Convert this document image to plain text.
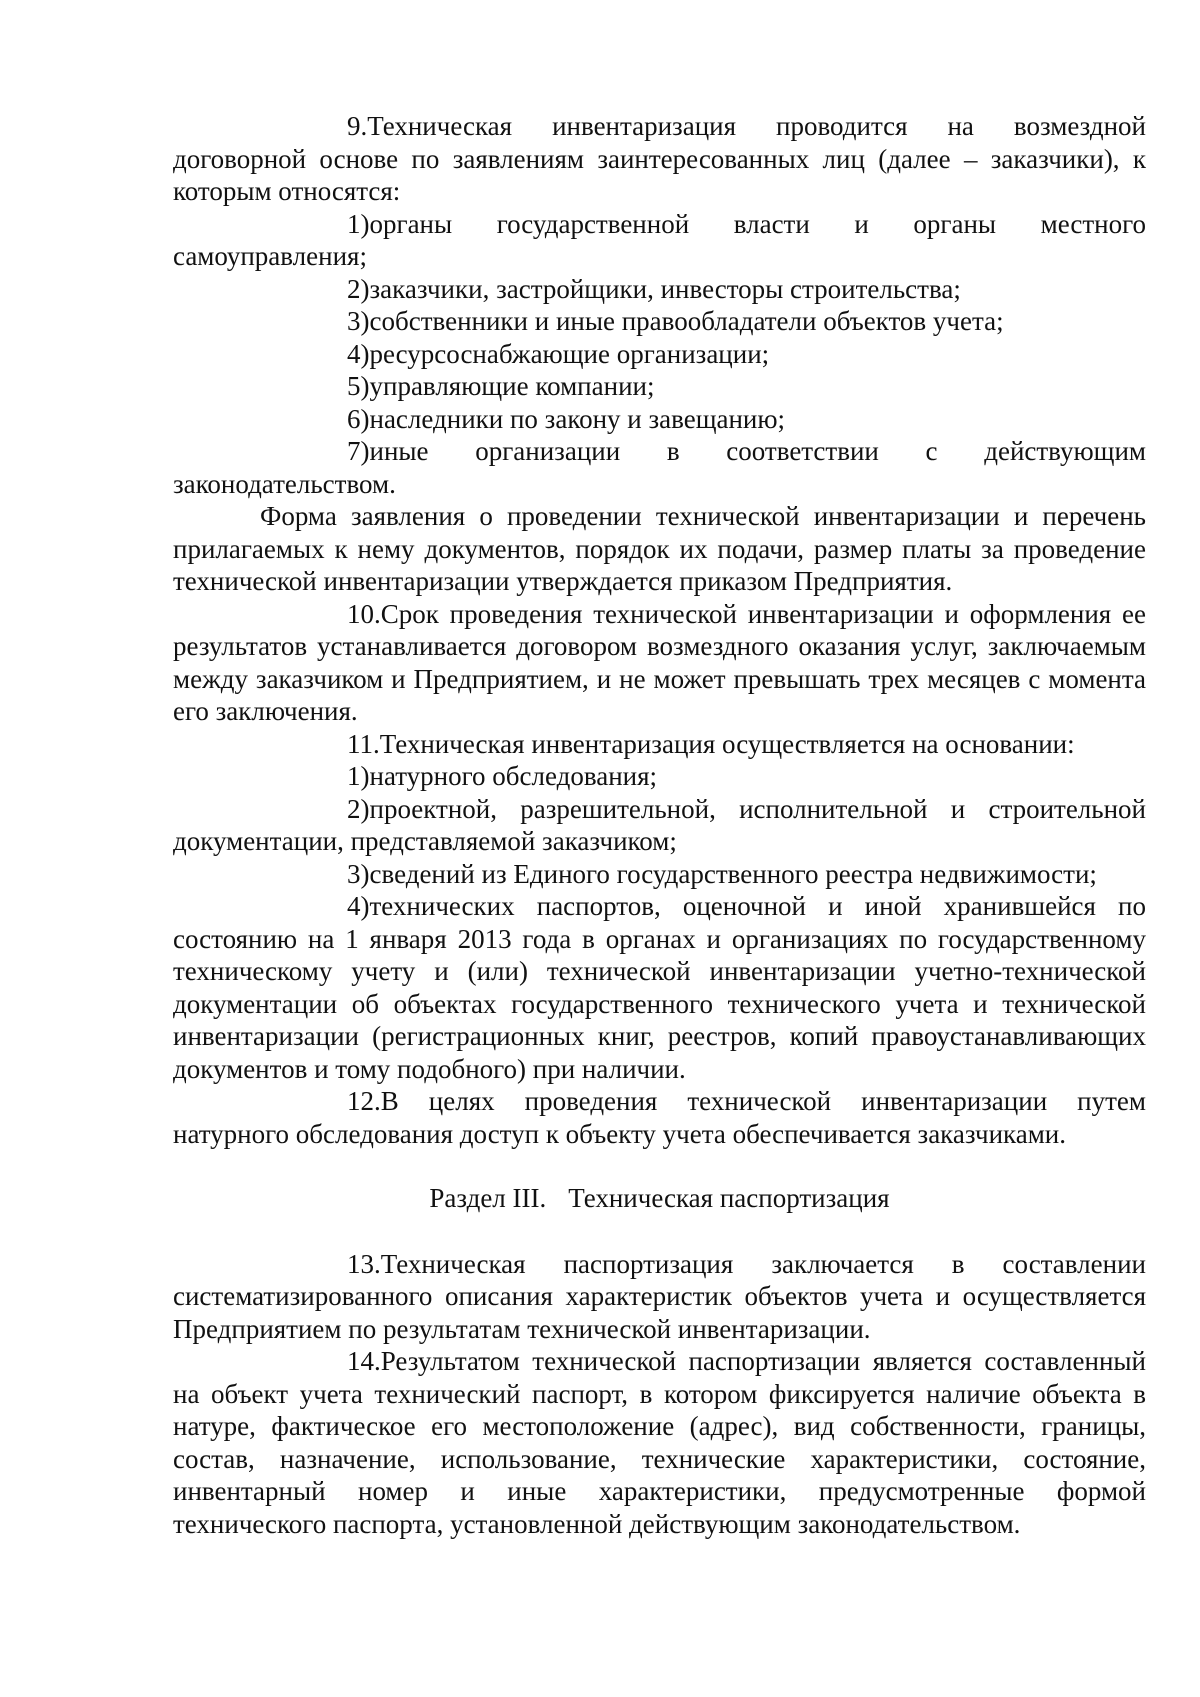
9.Техническая инвентаризация проводится на возмездной договорной основе по заявлениям заинтересованных лиц (далее – заказчики), к которым относятся:

1)органы государственной власти и органы местного самоуправления;

2)заказчики, застройщики, инвесторы строительства;

3)собственники и иные правообладатели объектов учета;

4)ресурсоснабжающие организации;

5)управляющие компании;

6)наследники по закону и завещанию;

7)иные организации в соответствии с действующим законодательством.

Форма заявления о проведении технической инвентаризации и перечень прилагаемых к нему документов, порядок их подачи, размер платы за проведение технической инвентаризации утверждается приказом Предприятия.

10.Срок проведения технической инвентаризации и оформления ее результатов устанавливается договором возмездного оказания услуг, заключаемым между заказчиком и Предприятием, и не может превышать трех месяцев с момента его заключения.

11.Техническая инвентаризация осуществляется на основании:

1)натурного обследования;

2)проектной, разрешительной, исполнительной и строительной документации, представляемой заказчиком;

3)сведений из Единого государственного реестра недвижимости;

4)технических паспортов, оценочной и иной хранившейся по состоянию на 1 января 2013 года в органах и организациях по государственному техническому учету и (или) технической инвентаризации учетно-технической документации об объектах государственного технического учета и технической инвентаризации (регистрационных книг, реестров, копий правоустанавливающих документов и тому подобного) при наличии.

12.В целях проведения технической инвентаризации путем натурного обследования доступ к объекту учета обеспечивается заказчиками.

Раздел III. Техническая паспортизация

13.Техническая паспортизация заключается в составлении систематизированного описания характеристик объектов учета и осуществляется Предприятием по результатам технической инвентаризации.

14.Результатом технической паспортизации является составленный на объект учета технический паспорт, в котором фиксируется наличие объекта в натуре, фактическое его местоположение (адрес), вид собственности, границы, состав, назначение, использование, технические характеристики, состояние, инвентарный номер и иные характеристики, предусмотренные формой технического паспорта, установленной действующим законодательством.
